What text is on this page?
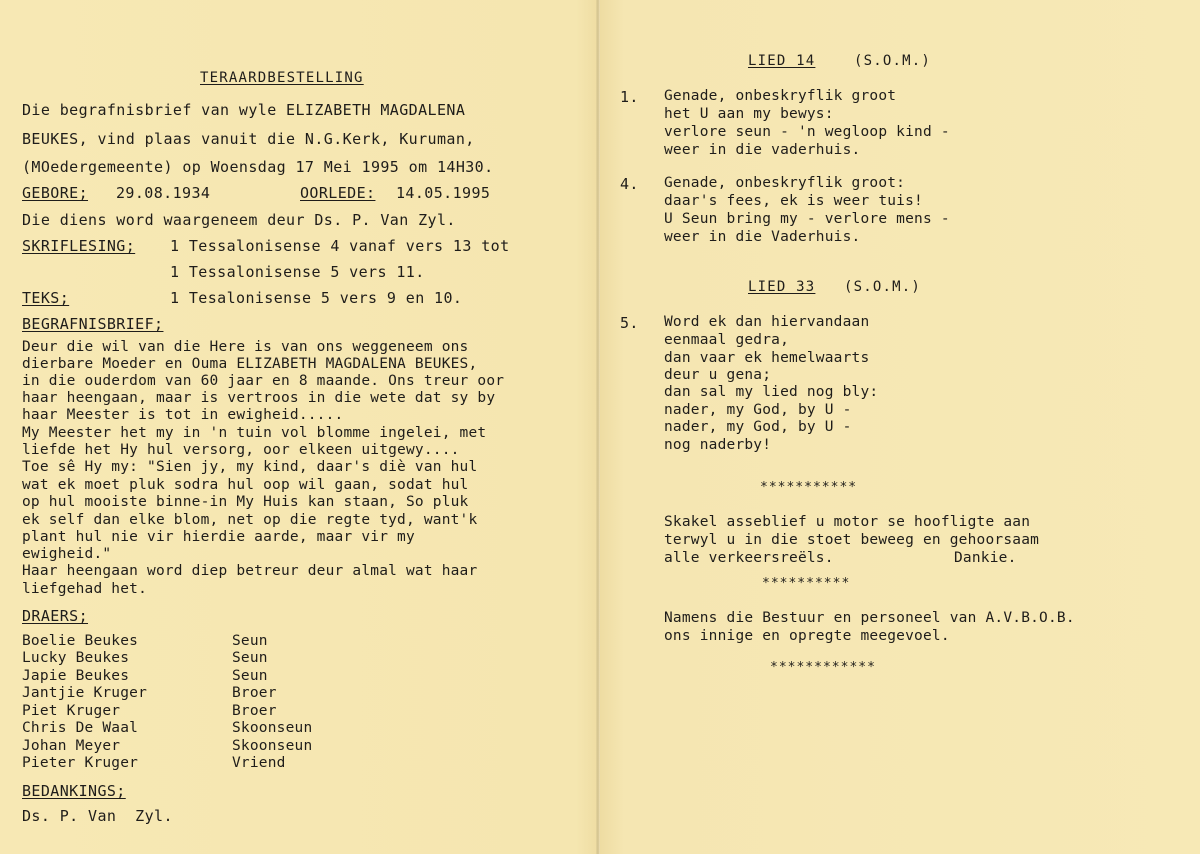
TERAARDBESTELLING
Die begrafnisbrief van wyle ELIZABETH MAGDALENA
BEUKES, vind plaas vanuit die N.G.Kerk, Kuruman,
(MOedergemeente) op Woensdag 17 Mei 1995 om 14H30.
GEBORE; 29.08.1934	OORLEDE: 14.05.1995
Die diens word waargeneem deur Ds. P. Van Zyl.
SKRIFLESING; 1 Tessalonisense 4 vanaf vers 13 tot
1 Tessalonisense 5 vers 11.
TEKS;	1 Tesalonisense 5 vers 9 en 10.
BEGRAFNISBRIEF;
Deur die wil van die Here is van ons weggeneem ons
dierbare Moeder en Ouma ELIZABETH MAGDALENA BEUKES,
in die ouderdom van 60 jaar en 8 maande. Ons treur oor
haar heengaan, maar is vertroos in die wete dat sy by
haar Meester is tot in ewigheid.....
My Meester het my in 'n tuin vol blomme ingelei, met
liefde het Hy hul versorg, oor elkeen uitgewy....
Toe sê Hy my: "Sien jy, my kind, daar's diè van hul
wat ek moet pluk sodra hul oop wil gaan, sodat hul
op hul mooiste binne-in My Huis kan staan, So pluk
ek self dan elke blom, net op die regte tyd, want'k
plant hul nie vir hierdie aarde, maar vir my
ewigheid."
Haar heengaan word diep betreur deur almal wat haar
liefgehad het.
DRAERS;
Boelie Beukes	Seun
Lucky Beukes	Seun
Japie Beukes	Seun
Jantjie Kruger	Broer
Piet Kruger	Broer
Chris De Waal	Skoonseun
Johan Meyer	Skoonseun
Pieter Kruger	Vriend
BEDANKINGS;
Ds. P. Van  Zyl.
LIED 14	(S.O.M.)
1. Genade, onbeskryflik groot
het U aan my bewys:
verlore seun - 'n wegloop kind -
weer in die vaderhuis.
4. Genade, onbeskryflik groot:
daar's fees, ek is weer tuis!
U Seun bring my - verlore mens -
weer in die Vaderhuis.
LIED 33 (S.O.M.)
5. Word ek dan hiervandaan
eenmaal gedra,
dan vaar ek hemelwaarts
deur u gena;
dan sal my lied nog bly:
nader, my God, by U -
nader, my God, by U -
nog naderby!
***********
Skakel asseblief u motor se hoofligte aan
terwyl u in die stoet beweeg en gehoorsaam
alle verkeersreëls.	Dankie.
**********
Namens die Bestuur en personeel van A.V.B.O.B.
ons innige en opregte meegevoel.
************
